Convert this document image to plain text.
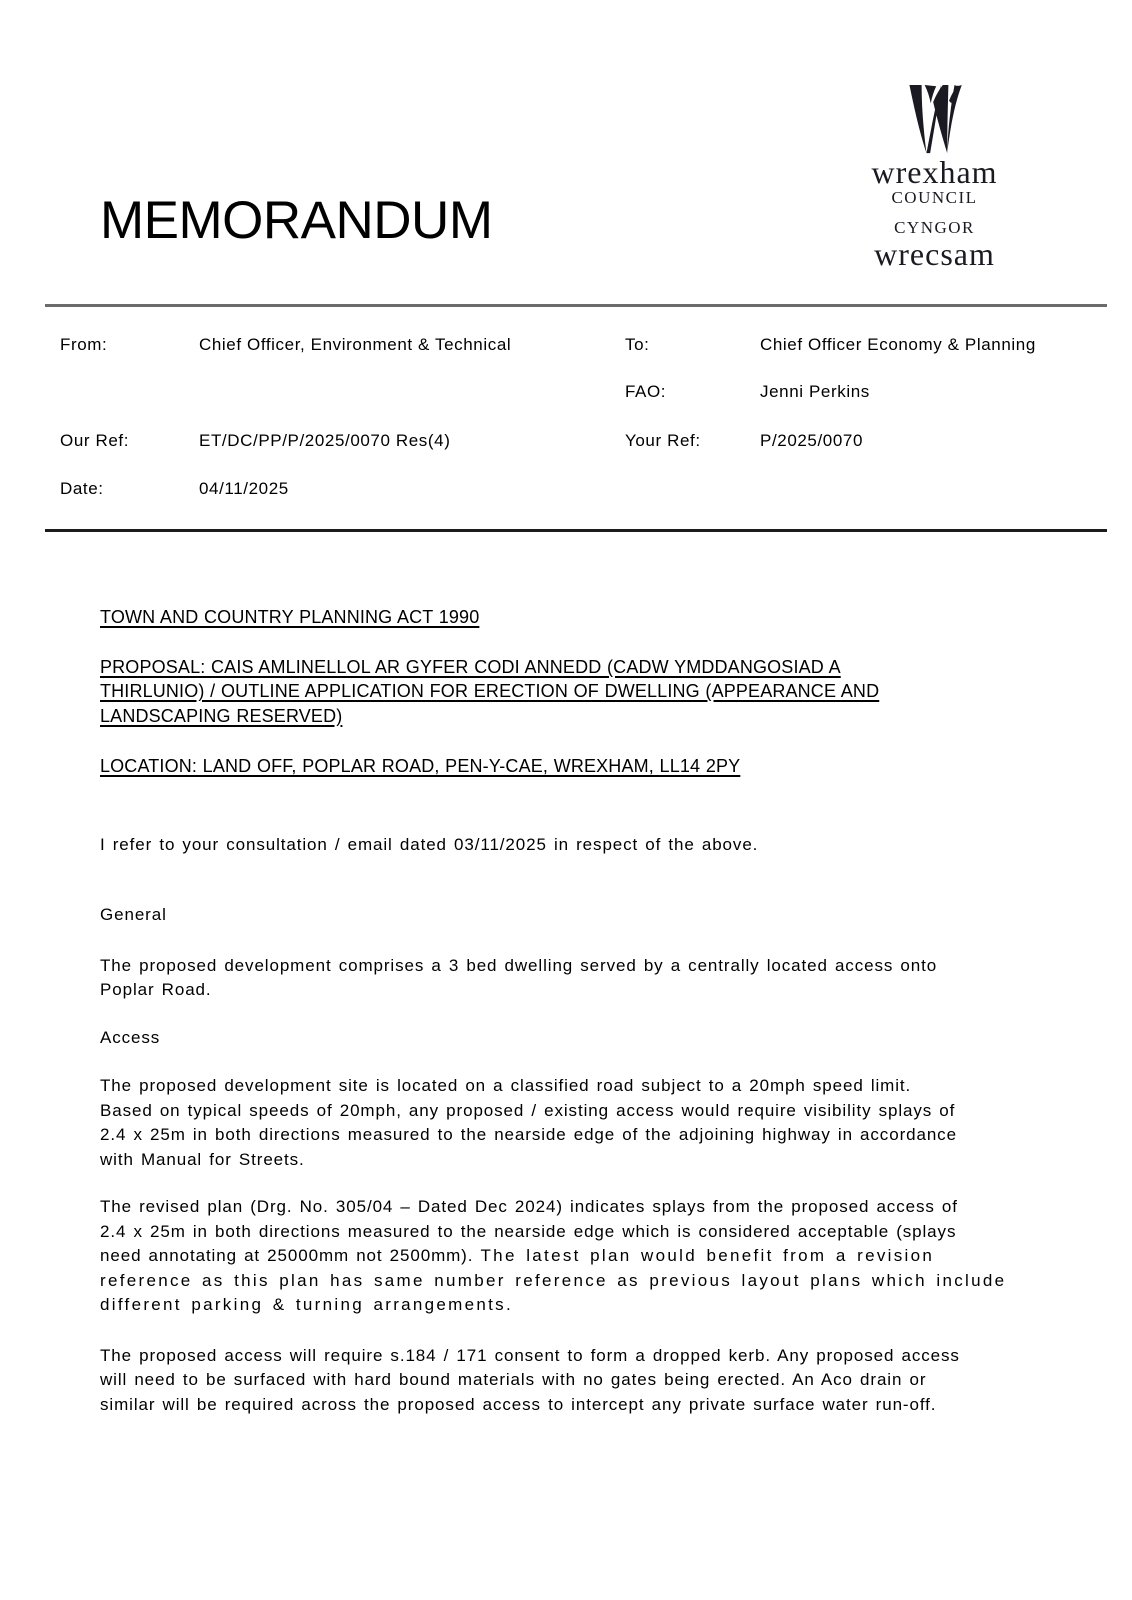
MEMORANDUM
wrexham
COUNCIL
CYNGOR
wrecsam
From:	Chief Officer, Environment & Technical	To:	Chief Officer Economy & Planning
FAO:	Jenni Perkins
Our Ref:	ET/DC/PP/P/2025/0070 Res(4)	Your Ref:	P/2025/0070
Date:	04/11/2025
TOWN AND COUNTRY PLANNING ACT 1990
PROPOSAL: CAIS AMLINELLOL AR GYFER CODI ANNEDD (CADW YMDDANGOSIAD A
THIRLUNIO) / OUTLINE APPLICATION FOR ERECTION OF DWELLING (APPEARANCE AND
LANDSCAPING RESERVED)
LOCATION: LAND OFF, POPLAR ROAD, PEN-Y-CAE, WREXHAM, LL14 2PY
I refer to your consultation / email dated 03/11/2025 in respect of the above.
General
The proposed development comprises a 3 bed dwelling served by a centrally located access onto
Poplar Road.
Access
The proposed development site is located on a classified road subject to a 20mph speed limit.
Based on typical speeds of 20mph, any proposed / existing access would require visibility splays of
2.4 x 25m in both directions measured to the nearside edge of the adjoining highway in accordance
with Manual for Streets.
The revised plan (Drg. No. 305/04 – Dated Dec 2024) indicates splays from the proposed access of
2.4 x 25m in both directions measured to the nearside edge which is considered acceptable (splays
need annotating at 25000mm not 2500mm). The latest plan would benefit from a revision
reference as this plan has same number reference as previous layout plans which include
different parking & turning arrangements.
The proposed access will require s.184 / 171 consent to form a dropped kerb. Any proposed access
will need to be surfaced with hard bound materials with no gates being erected. An Aco drain or
similar will be required across the proposed access to intercept any private surface water run-off.
